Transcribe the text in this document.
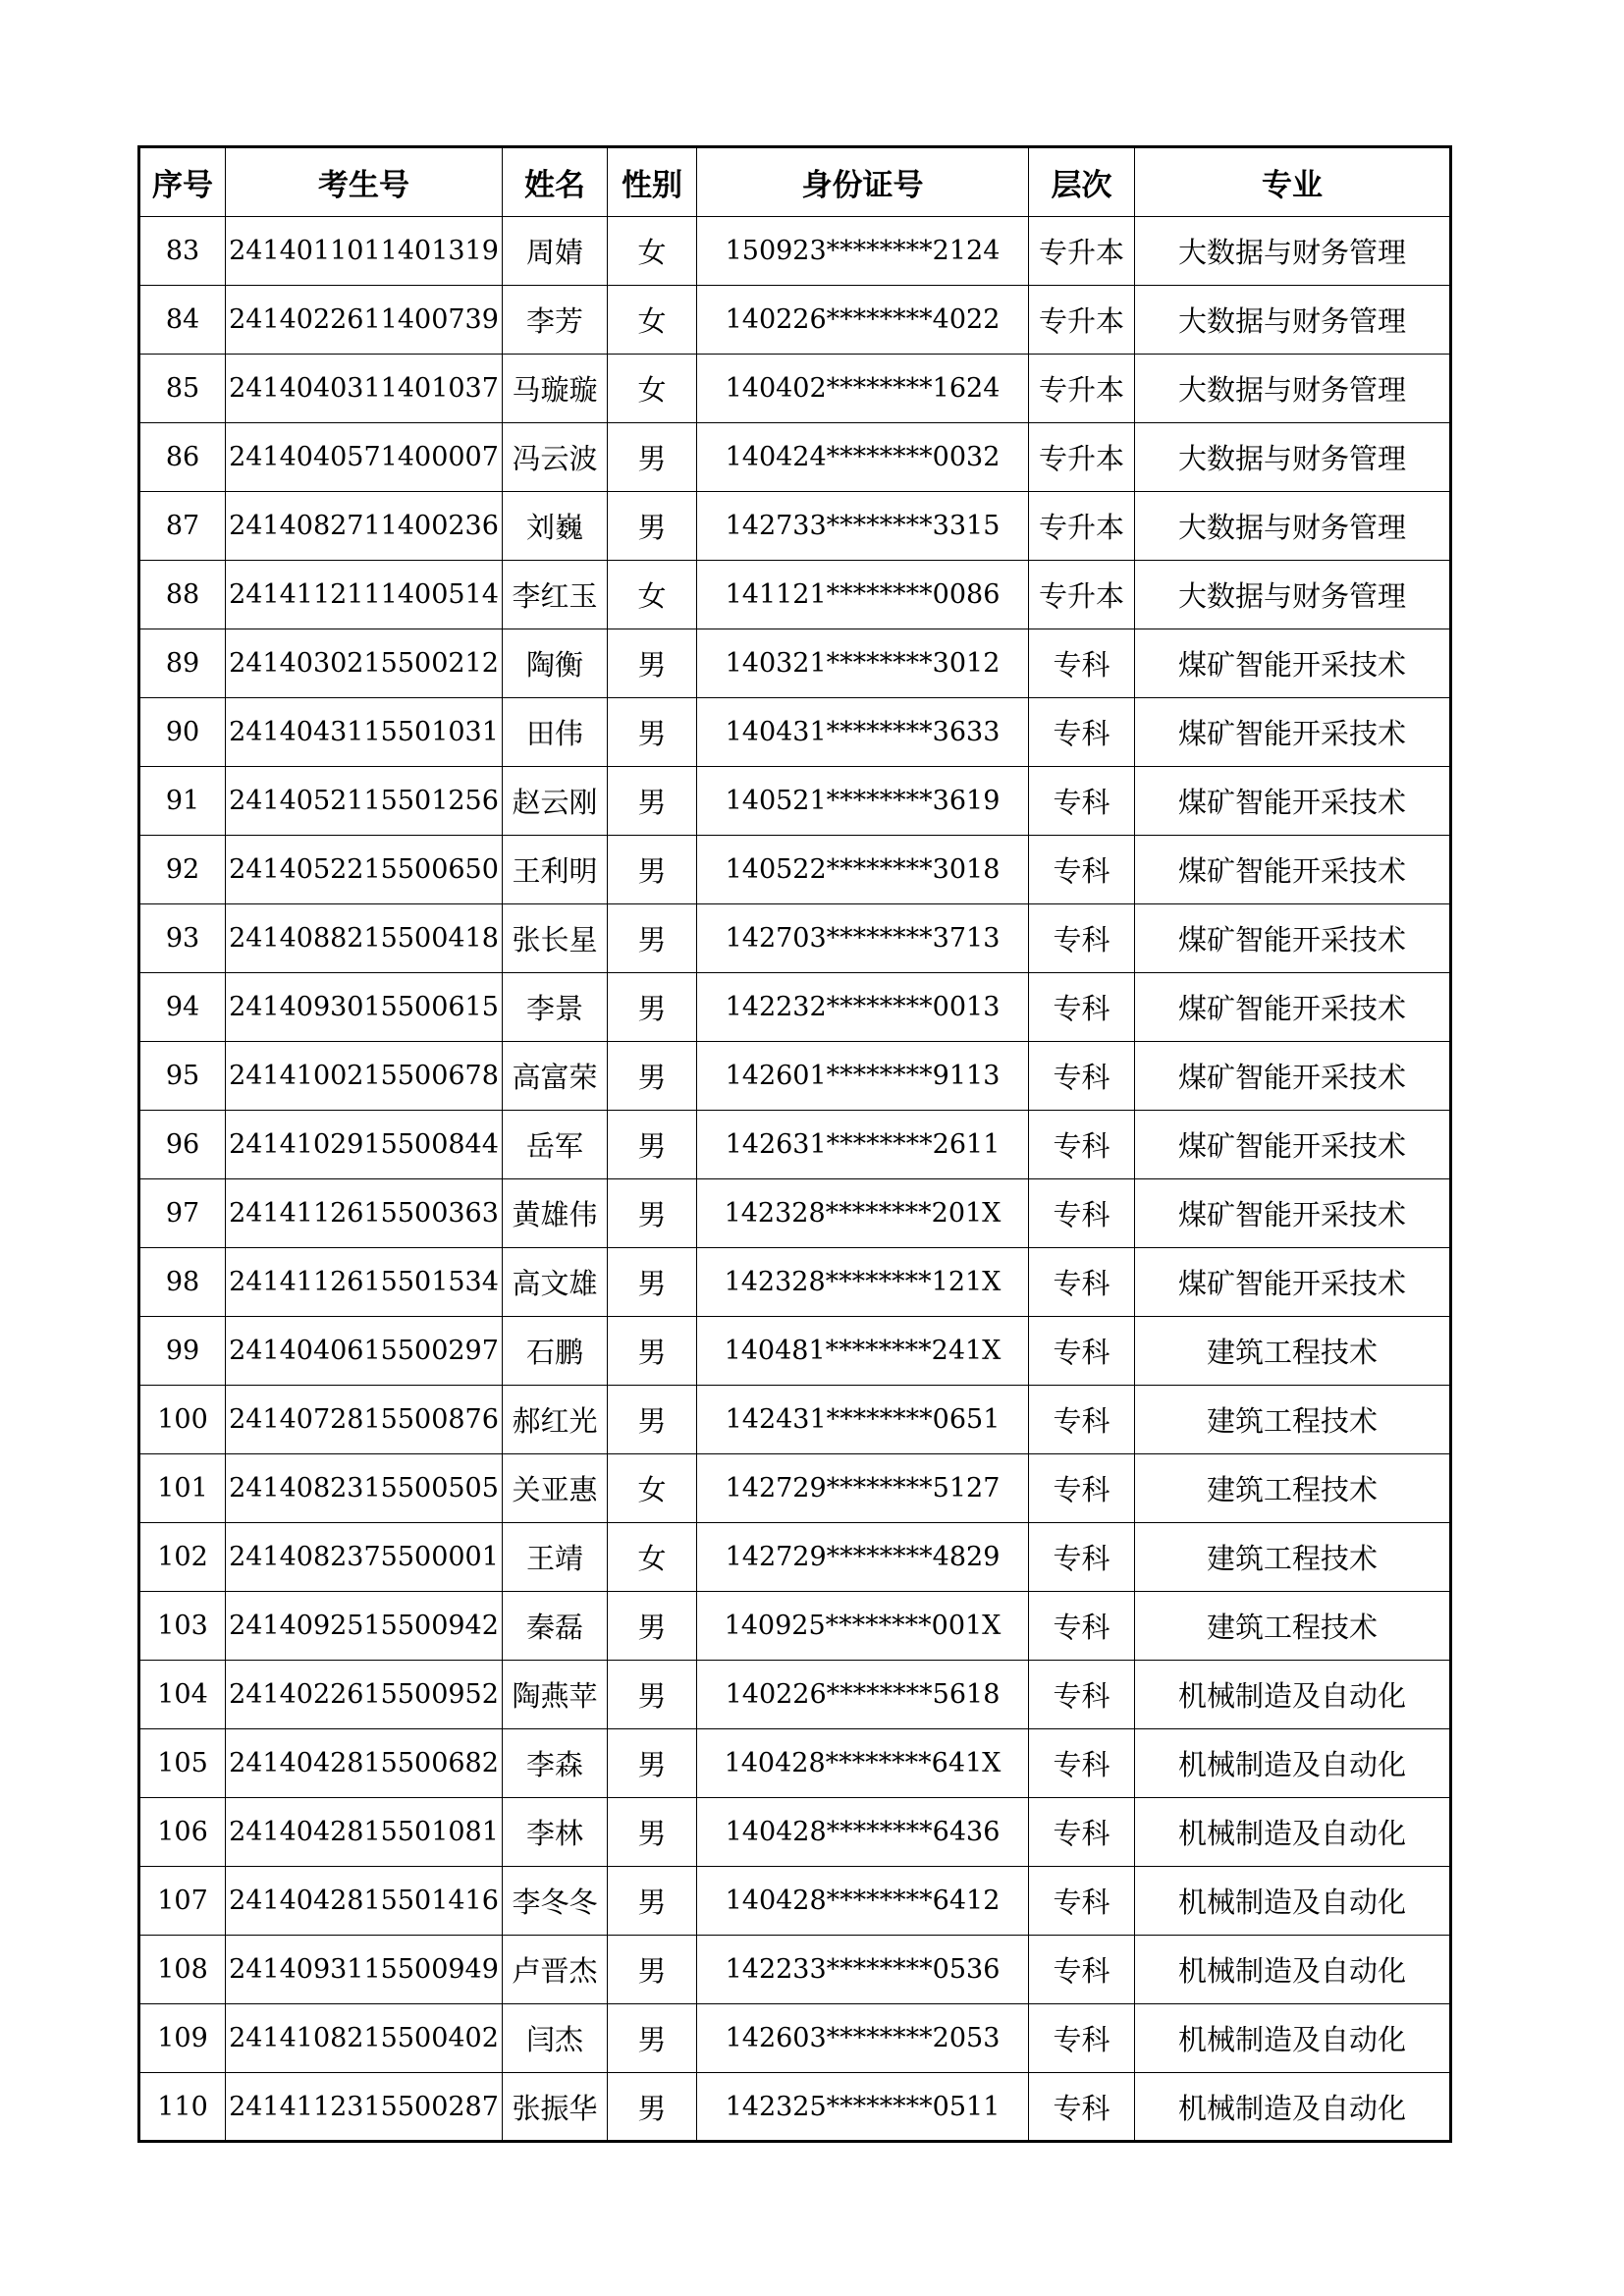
序号	考生号	姓名	性别	身份证号	层次	专业
83	2414011011401319	周婧	女	150923********2124	专升本	大数据与财务管理
84	2414022611400739	李芳	女	140226********4022	专升本	大数据与财务管理
85	2414040311401037	马璇璇	女	140402********1624	专升本	大数据与财务管理
86	2414040571400007	冯云波	男	140424********0032	专升本	大数据与财务管理
87	2414082711400236	刘巍	男	142733********3315	专升本	大数据与财务管理
88	2414112111400514	李红玉	女	141121********0086	专升本	大数据与财务管理
89	2414030215500212	陶衡	男	140321********3012	专科	煤矿智能开采技术
90	2414043115501031	田伟	男	140431********3633	专科	煤矿智能开采技术
91	2414052115501256	赵云刚	男	140521********3619	专科	煤矿智能开采技术
92	2414052215500650	王利明	男	140522********3018	专科	煤矿智能开采技术
93	2414088215500418	张长星	男	142703********3713	专科	煤矿智能开采技术
94	2414093015500615	李景	男	142232********0013	专科	煤矿智能开采技术
95	2414100215500678	高富荣	男	142601********9113	专科	煤矿智能开采技术
96	2414102915500844	岳军	男	142631********2611	专科	煤矿智能开采技术
97	2414112615500363	黄雄伟	男	142328********201X	专科	煤矿智能开采技术
98	2414112615501534	高文雄	男	142328********121X	专科	煤矿智能开采技术
99	2414040615500297	石鹏	男	140481********241X	专科	建筑工程技术
100	2414072815500876	郝红光	男	142431********0651	专科	建筑工程技术
101	2414082315500505	关亚惠	女	142729********5127	专科	建筑工程技术
102	2414082375500001	王靖	女	142729********4829	专科	建筑工程技术
103	2414092515500942	秦磊	男	140925********001X	专科	建筑工程技术
104	2414022615500952	陶燕苹	男	140226********5618	专科	机械制造及自动化
105	2414042815500682	李森	男	140428********641X	专科	机械制造及自动化
106	2414042815501081	李林	男	140428********6436	专科	机械制造及自动化
107	2414042815501416	李冬冬	男	140428********6412	专科	机械制造及自动化
108	2414093115500949	卢晋杰	男	142233********0536	专科	机械制造及自动化
109	2414108215500402	闫杰	男	142603********2053	专科	机械制造及自动化
110	2414112315500287	张振华	男	142325********0511	专科	机械制造及自动化
